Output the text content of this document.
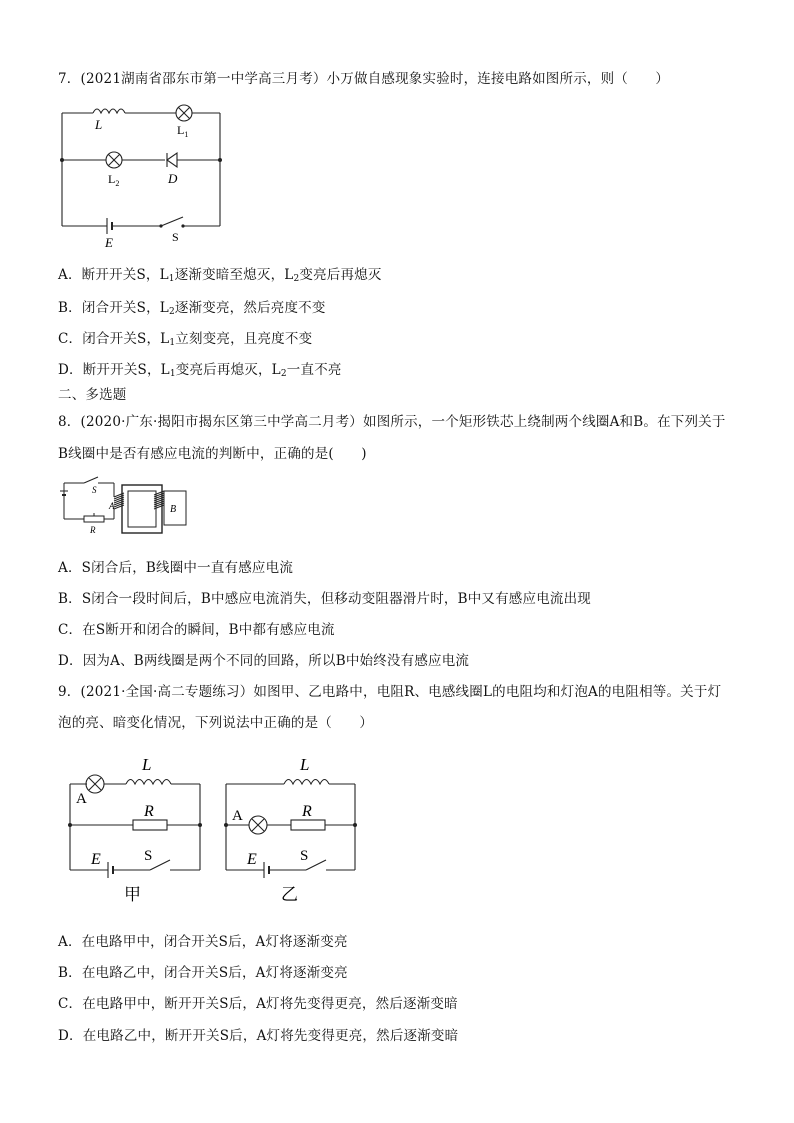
7．(2021湖南省邵东市第一中学高三月考）小万做自感现象实验时，连接电路如图所示，则（　　）
L	$L_1$
$L_2$	D
E	S
A．断开开关S，$L_1$逐渐变暗至熄灭，$L_2$变亮后再熄灭
B．闭合开关S，$L_2$逐渐变亮，然后亮度不变
C．闭合开关S，$L_1$立刻变亮，且亮度不变
D．断开开关S，$L_1$变亮后再熄灭，$L_2$一直不亮
二、多选题
8．(2020·广东·揭阳市揭东区第三中学高二月考）如图所示，一个矩形铁芯上绕制两个线圈A和B。在下列关于
B线圈中是否有感应电流的判断中，正确的是(　　)
S
A	B
R
A．S闭合后，B线圈中一直有感应电流
B．S闭合一段时间后，B中感应电流消失，但移动变阻器滑片时，B中又有感应电流出现
C．在S断开和闭合的瞬间，B中都有感应电流
D．因为A、B两线圈是两个不同的回路，所以B中始终没有感应电流
9．(2021·全国·高二专题练习）如图甲、乙电路中，电阻R、电感线圈L的电阻均和灯泡A的电阻相等。关于灯
泡的亮、暗变化情况，下列说法中正确的是（　　）
L
A
R
E	S
甲
L
A	R
E	S
乙
A．在电路甲中，闭合开关S后，A灯将逐渐变亮
B．在电路乙中，闭合开关S后，A灯将逐渐变亮
C．在电路甲中，断开开关S后，A灯将先变得更亮，然后逐渐变暗
D．在电路乙中，断开开关S后，A灯将先变得更亮，然后逐渐变暗
